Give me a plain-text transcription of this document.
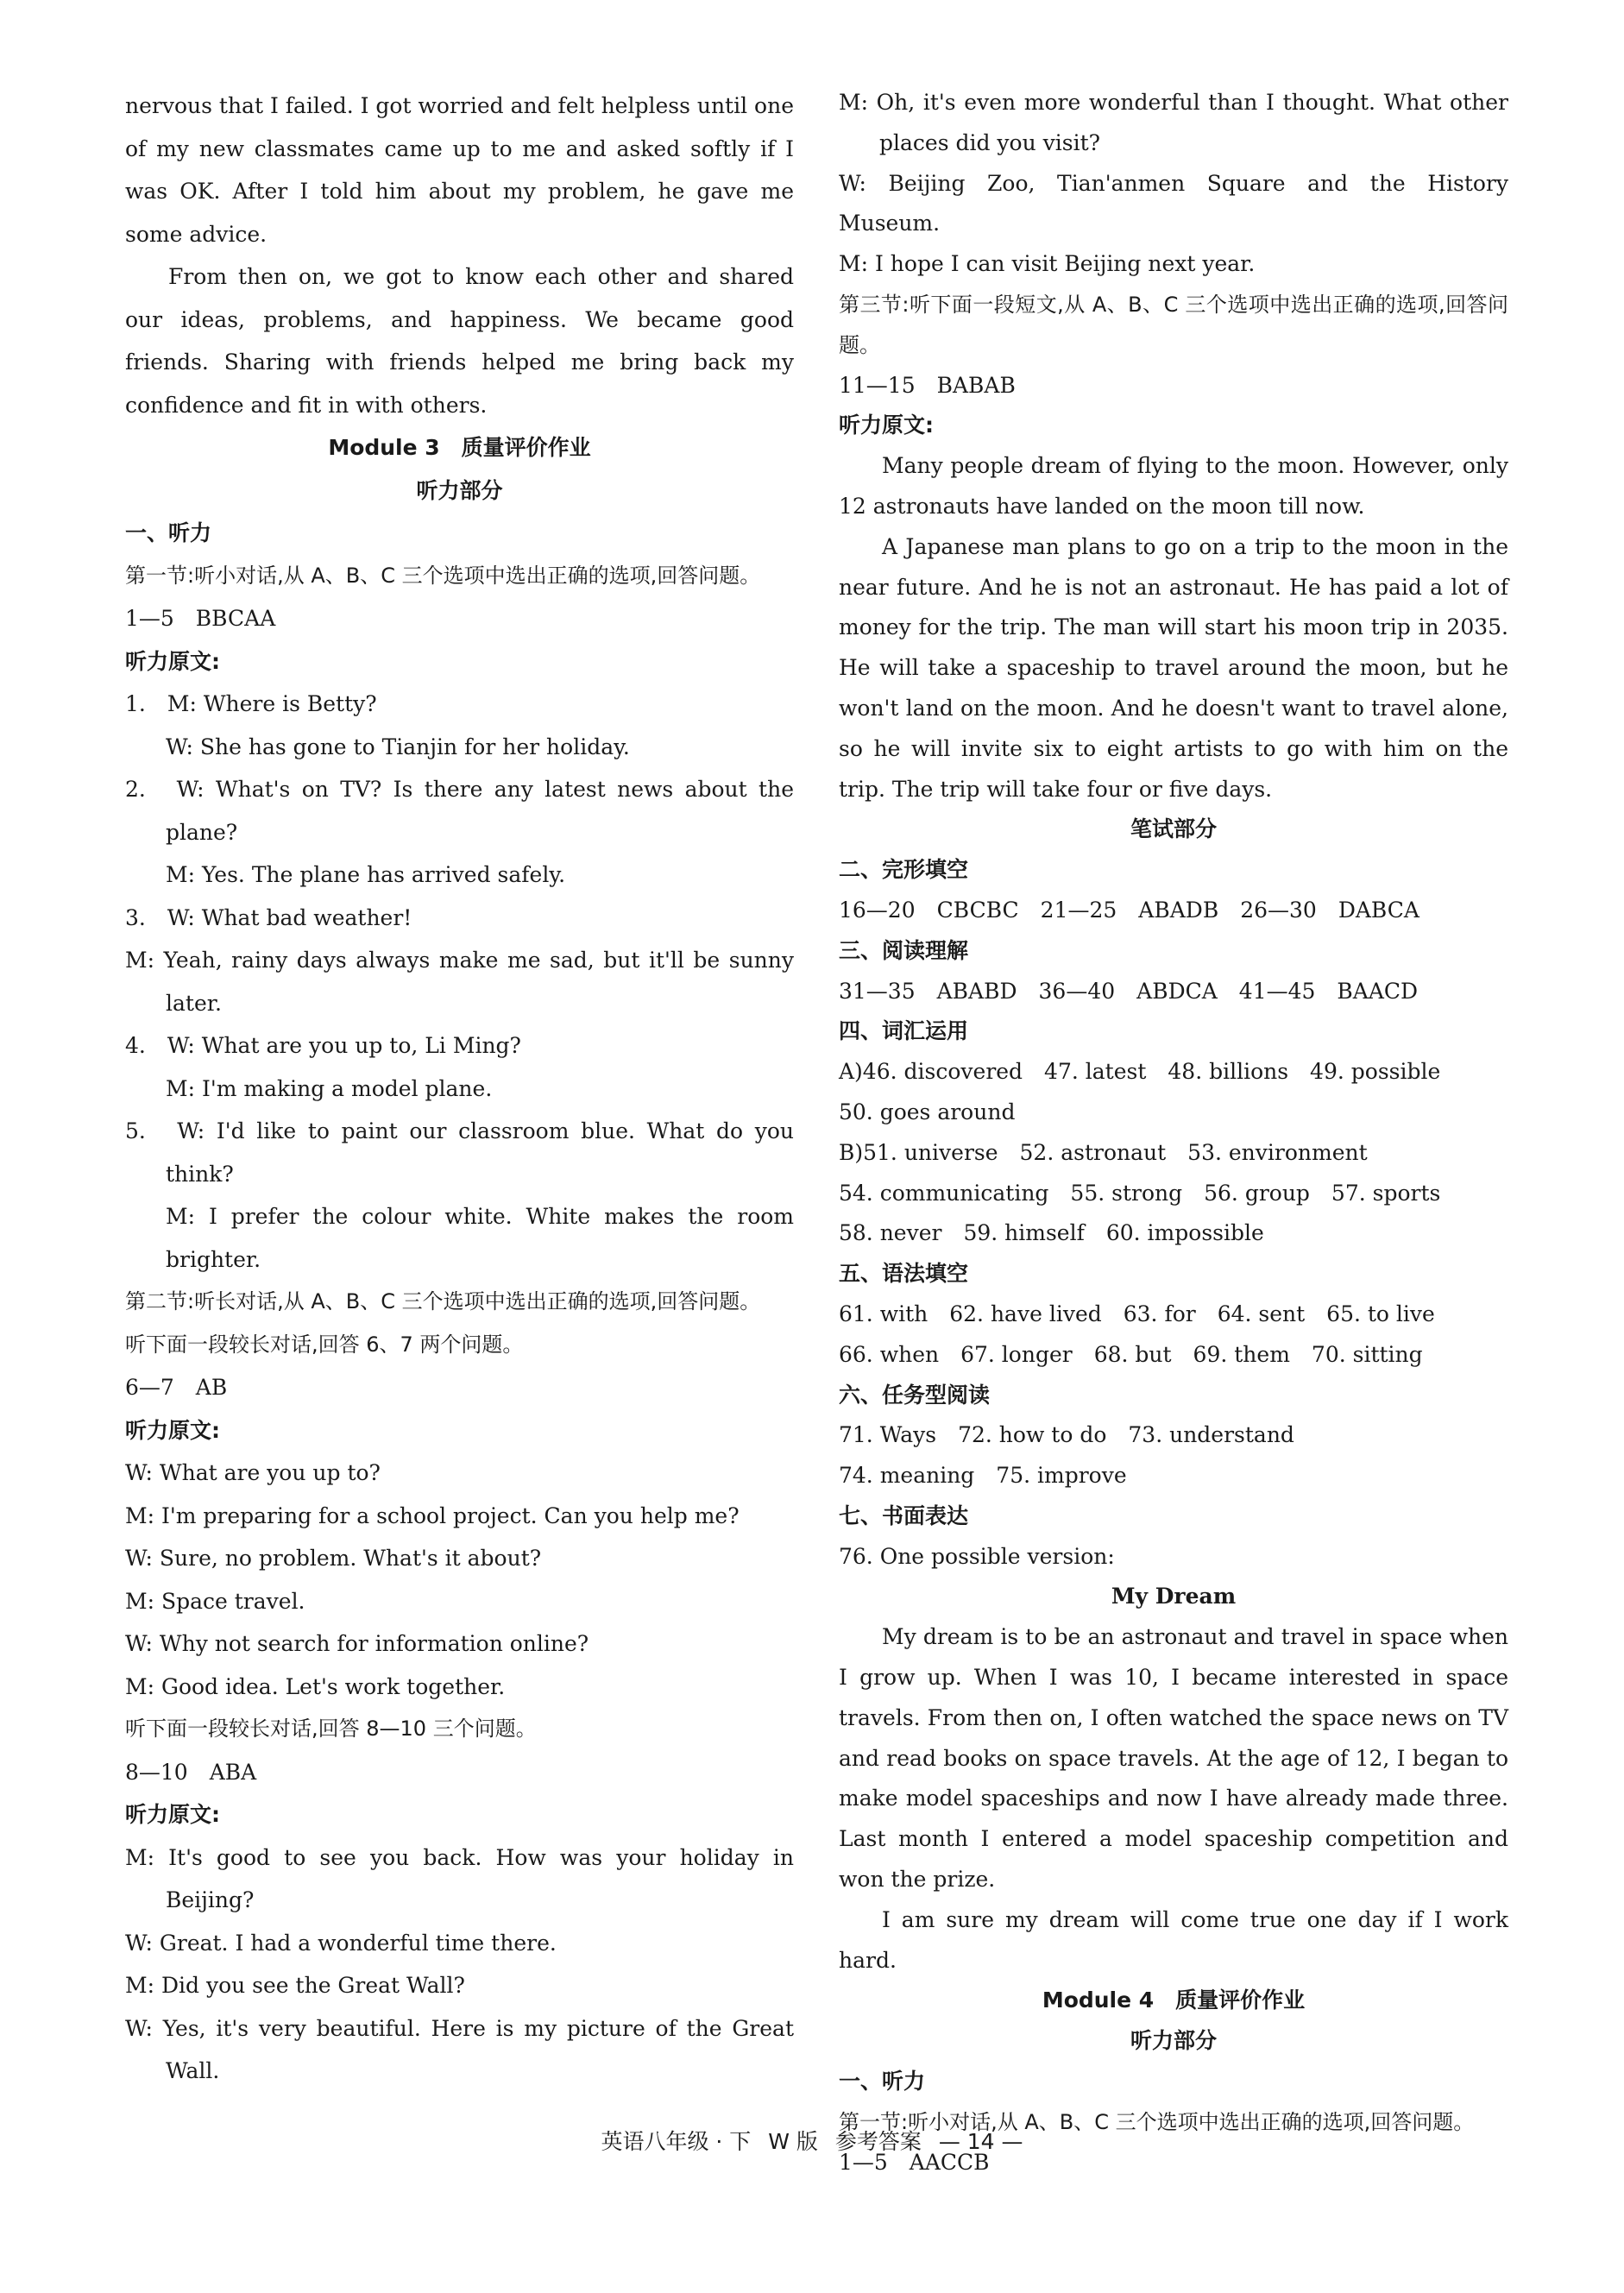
nervous that I failed. I got worried and felt helpless until one of my new classmates came up to me and asked softly if I was OK. After I told him about my problem, he gave me some advice.

From then on, we got to know each other and shared our ideas, problems, and happiness. We became good friends. Sharing with friends helped me bring back my confidence and fit in with others.

Module 3　质量评价作业

听力部分

一、听力

第一节:听小对话,从 A、B、C 三个选项中选出正确的选项,回答问题。

1—5　BBCAA

听力原文:

1.　M: Where is Betty?

W: She has gone to Tianjin for her holiday.

2.　W: What's on TV? Is there any latest news about the plane?

M: Yes. The plane has arrived safely.

3.　W: What bad weather!

M: Yeah, rainy days always make me sad, but it'll be sunny later.

4.　W: What are you up to, Li Ming?

M: I'm making a model plane.

5.　W: I'd like to paint our classroom blue. What do you think?

M: I prefer the colour white. White makes the room brighter.

第二节:听长对话,从 A、B、C 三个选项中选出正确的选项,回答问题。

听下面一段较长对话,回答 6、7 两个问题。

6—7　AB

听力原文:

W: What are you up to?

M: I'm preparing for a school project. Can you help me?

W: Sure, no problem. What's it about?

M: Space travel.

W: Why not search for information online?

M: Good idea. Let's work together.

听下面一段较长对话,回答 8—10 三个问题。

8—10　ABA

听力原文:

M: It's good to see you back. How was your holiday in Beijing?

W: Great. I had a wonderful time there.

M: Did you see the Great Wall?

W: Yes, it's very beautiful. Here is my picture of the Great Wall.

M: Oh, it's even more wonderful than I thought. What other places did you visit?

W: Beijing Zoo, Tian'anmen Square and the History Museum.

M: I hope I can visit Beijing next year.

第三节:听下面一段短文,从 A、B、C 三个选项中选出正确的选项,回答问题。

11—15　BABAB

听力原文:

Many people dream of flying to the moon. However, only 12 astronauts have landed on the moon till now.

A Japanese man plans to go on a trip to the moon in the near future. And he is not an astronaut. He has paid a lot of money for the trip. The man will start his moon trip in 2035. He will take a spaceship to travel around the moon, but he won't land on the moon. And he doesn't want to travel alone, so he will invite six to eight artists to go with him on the trip. The trip will take four or five days.

笔试部分

二、完形填空

16—20　CBCBC　21—25　ABADB　26—30　DABCA

三、阅读理解

31—35　ABABD　36—40　ABDCA　41—45　BAACD

四、词汇运用

A)46. discovered　47. latest　48. billions　49. possible

50. goes around

B)51. universe　52. astronaut　53. environment

54. communicating　55. strong　56. group　57. sports

58. never　59. himself　60. impossible

五、语法填空

61. with　62. have lived　63. for　64. sent　65. to live

66. when　67. longer　68. but　69. them　70. sitting

六、任务型阅读

71. Ways　72. how to do　73. understand

74. meaning　75. improve

七、书面表达

76. One possible version:

My Dream

My dream is to be an astronaut and travel in space when I grow up. When I was 10, I became interested in space travels. From then on, I often watched the space news on TV and read books on space travels. At the age of 12, I began to make model spaceships and now I have already made three. Last month I entered a model spaceship competition and won the prize.

I am sure my dream will come true one day if I work hard.

Module 4　质量评价作业

听力部分

一、听力

第一节:听小对话,从 A、B、C 三个选项中选出正确的选项,回答问题。

1—5　AACCB

英语八年级 · 下 W 版 参考答案 — 14 —
